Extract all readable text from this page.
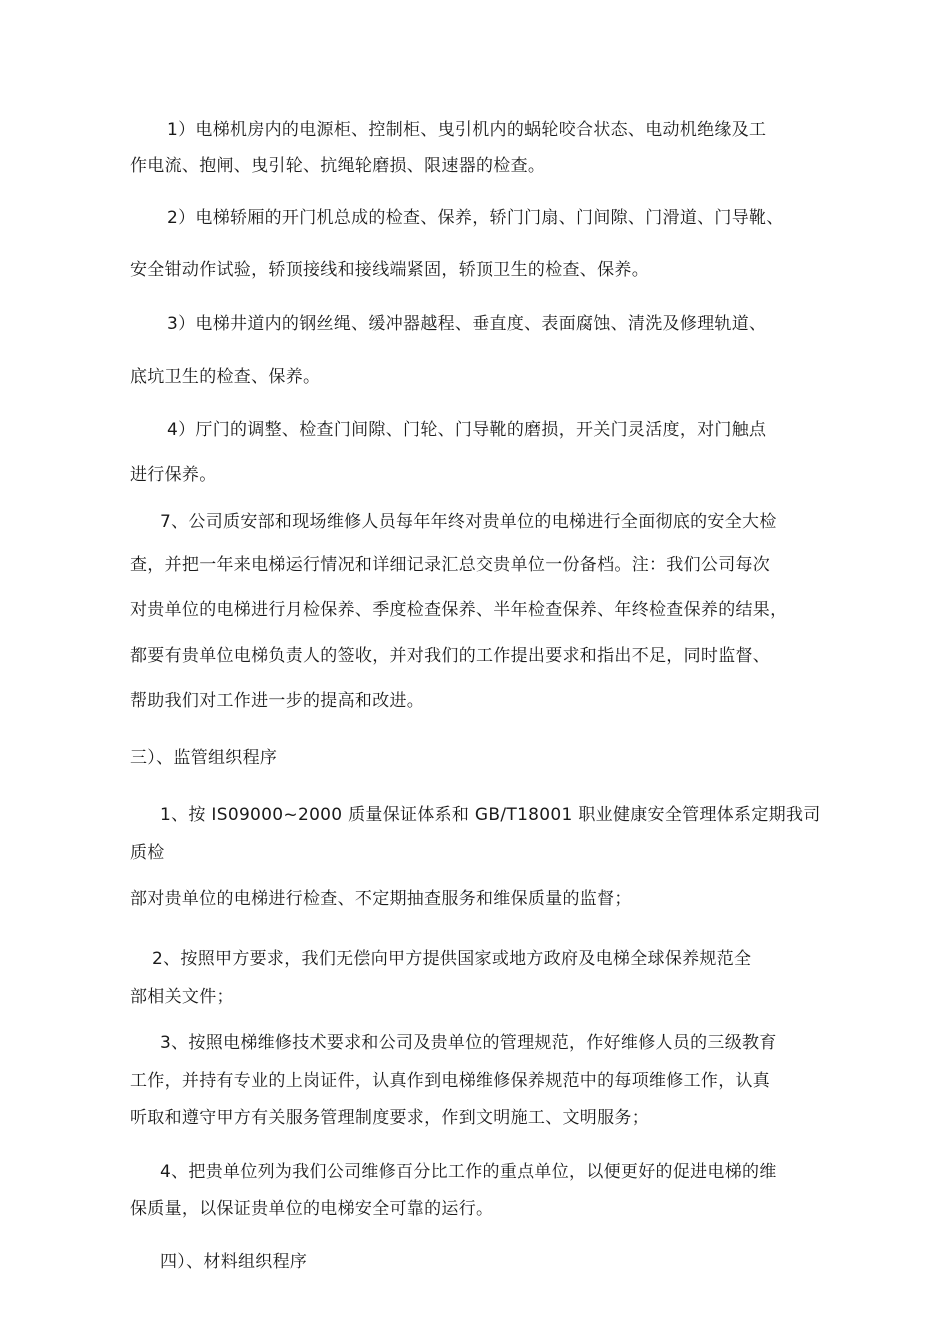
1）电梯机房内的电源柜、控制柜、曳引机内的蜗轮咬合状态、电动机绝缘及工

作电流、抱闸、曳引轮、抗绳轮磨损、限速器的检查。

2）电梯轿厢的开门机总成的检查、保养，轿门门扇、门间隙、门滑道、门导靴、

安全钳动作试验，轿顶接线和接线端紧固，轿顶卫生的检查、保养。

3）电梯井道内的钢丝绳、缓冲器越程、垂直度、表面腐蚀、清洗及修理轨道、

底坑卫生的检查、保养。

4）厅门的调整、检查门间隙、门轮、门导靴的磨损，开关门灵活度，对门触点

进行保养。

7、公司质安部和现场维修人员每年年终对贵单位的电梯进行全面彻底的安全大检

查，并把一年来电梯运行情况和详细记录汇总交贵单位一份备档。注：我们公司每次

对贵单位的电梯进行月检保养、季度检查保养、半年检查保养、年终检查保养的结果，

都要有贵单位电梯负责人的签收，并对我们的工作提出要求和指出不足，同时监督、

帮助我们对工作进一步的提高和改进。

三）、监管组织程序

1、按 IS09000~2000 质量保证体系和 GB/T18001 职业健康安全管理体系定期我司

质检

部对贵单位的电梯进行检查、不定期抽查服务和维保质量的监督；

2、按照甲方要求，我们无偿向甲方提供国家或地方政府及电梯全球保养规范全

部相关文件；

3、按照电梯维修技术要求和公司及贵单位的管理规范，作好维修人员的三级教育

工作，并持有专业的上岗证件，认真作到电梯维修保养规范中的每项维修工作，认真

听取和遵守甲方有关服务管理制度要求，作到文明施工、文明服务；

4、把贵单位列为我们公司维修百分比工作的重点单位，以便更好的促进电梯的维

保质量，以保证贵单位的电梯安全可靠的运行。

四）、材料组织程序
